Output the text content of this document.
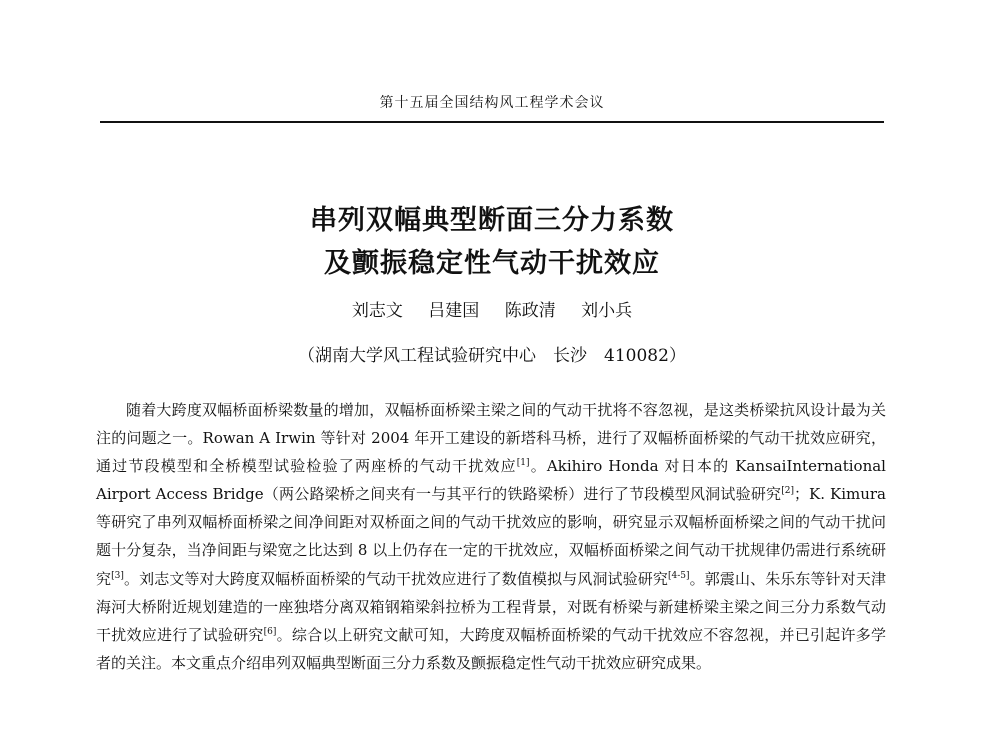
第十五届全国结构风工程学术会议
串列双幅典型断面三分力系数
及颤振稳定性气动干扰效应
刘志文 吕建国 陈政清 刘小兵
（湖南大学风工程试验研究中心　长沙　410082）

随着大跨度双幅桥面桥梁数量的增加，双幅桥面桥梁主梁之间的气动干扰将不容忽视，是这类桥梁抗风设计最为关注的问题之一。Rowan A Irwin 等针对 2004 年开工建设的新塔科马桥，进行了双幅桥面桥梁的气动干扰效应研究，通过节段模型和全桥模型试验检验了两座桥的气动干扰效应[1]。Akihiro Honda 对日本的 KansaiInternational Airport Access Bridge（两公路梁桥之间夹有一与其平行的铁路梁桥）进行了节段模型风洞试验研究[2]；K. Kimura 等研究了串列双幅桥面桥梁之间净间距对双桥面之间的气动干扰效应的影响，研究显示双幅桥面桥梁之间的气动干扰问题十分复杂，当净间距与梁宽之比达到 8 以上仍存在一定的干扰效应，双幅桥面桥梁之间气动干扰规律仍需进行系统研究[3]。刘志文等对大跨度双幅桥面桥梁的气动干扰效应进行了数值模拟与风洞试验研究[4-5]。郭震山、朱乐东等针对天津海河大桥附近规划建造的一座独塔分离双箱钢箱梁斜拉桥为工程背景，对既有桥梁与新建桥梁主梁之间三分力系数气动干扰效应进行了试验研究[6]。综合以上研究文献可知，大跨度双幅桥面桥梁的气动干扰效应不容忽视，并已引起许多学者的关注。本文重点介绍串列双幅典型断面三分力系数及颤振稳定性气动干扰效应研究成果。
